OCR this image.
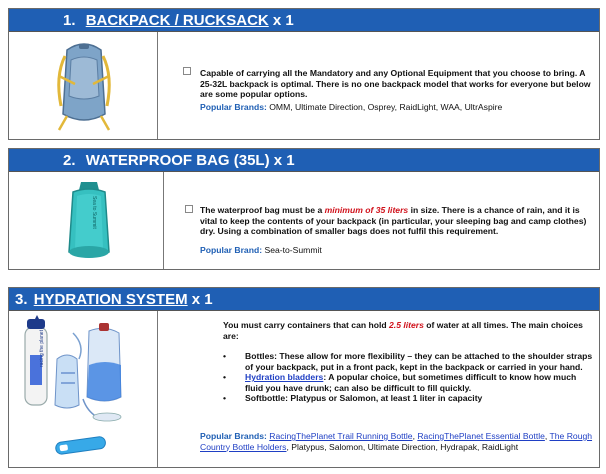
1. BACKPACK / RUCKSACK x 1
Capable of carrying all the Mandatory and any Optional Equipment that you choose to bring. A 25-32L backpack is optimal. There is no one backpack model that works for everyone but below are some popular options.
Popular Brands: OMM, Ultimate Direction, Osprey, RaidLight, WAA, UltrAspire
2. WATERPROOF BAG (35L) x 1
Sea to Summit	The waterproof bag must be a minimum of 35 liters in size. There is a chance of rain, and it is vital to keep the contents of your backpack (in particular, your sleeping bag and camp clothes) dry. Using a combination of smaller bags does not fulfil this requirement.
Popular Brand: Sea-to-Summit
3. HYDRATION SYSTEM x 1
racing the planet
You must carry containers that can hold 2.5 liters of water at all times. The main choices are:
• Bottles: These allow for more flexibility – they can be attached to the shoulder straps of your backpack, put in a front pack, kept in the backpack or carried in your hand.
• Hydration bladders: A popular choice, but sometimes difficult to know how much fluid you have drunk; can also be difficult to fill quickly.
• Softbottle: Platypus or Salomon, at least 1 liter in capacity
Popular Brands: RacingThePlanet Trail Running Bottle, RacingThePlanet Essential Bottle, The Rough Country Bottle Holders, Platypus, Salomon, Ultimate Direction, Hydrapak, RaidLight
